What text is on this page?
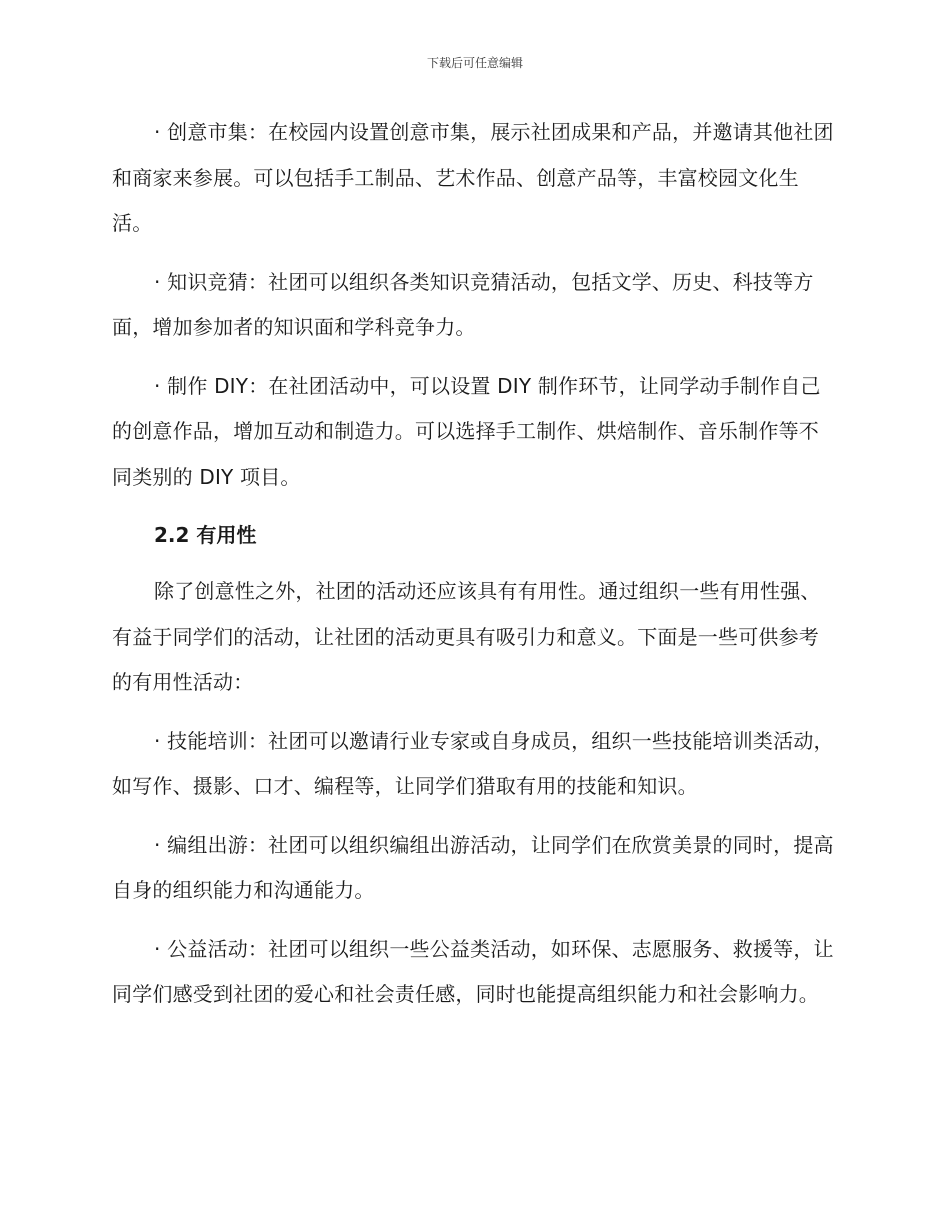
下载后可任意编辑

· 创意市集：在校园内设置创意市集，展示社团成果和产品，并邀请其他社团和商家来参展。可以包括手工制品、艺术作品、创意产品等，丰富校园文化生活。

· 知识竞猜：社团可以组织各类知识竞猜活动，包括文学、历史、科技等方面，增加参加者的知识面和学科竞争力。

· 制作 DIY：在社团活动中，可以设置 DIY 制作环节，让同学动手制作自己的创意作品，增加互动和制造力。可以选择手工制作、烘焙制作、音乐制作等不同类别的 DIY 项目。

2.2 有用性

除了创意性之外，社团的活动还应该具有有用性。通过组织一些有用性强、有益于同学们的活动，让社团的活动更具有吸引力和意义。下面是一些可供参考的有用性活动：

· 技能培训：社团可以邀请行业专家或自身成员，组织一些技能培训类活动，如写作、摄影、口才、编程等，让同学们猎取有用的技能和知识。

· 编组出游：社团可以组织编组出游活动，让同学们在欣赏美景的同时，提高自身的组织能力和沟通能力。

· 公益活动：社团可以组织一些公益类活动，如环保、志愿服务、救援等，让同学们感受到社团的爱心和社会责任感，同时也能提高组织能力和社会影响力。
